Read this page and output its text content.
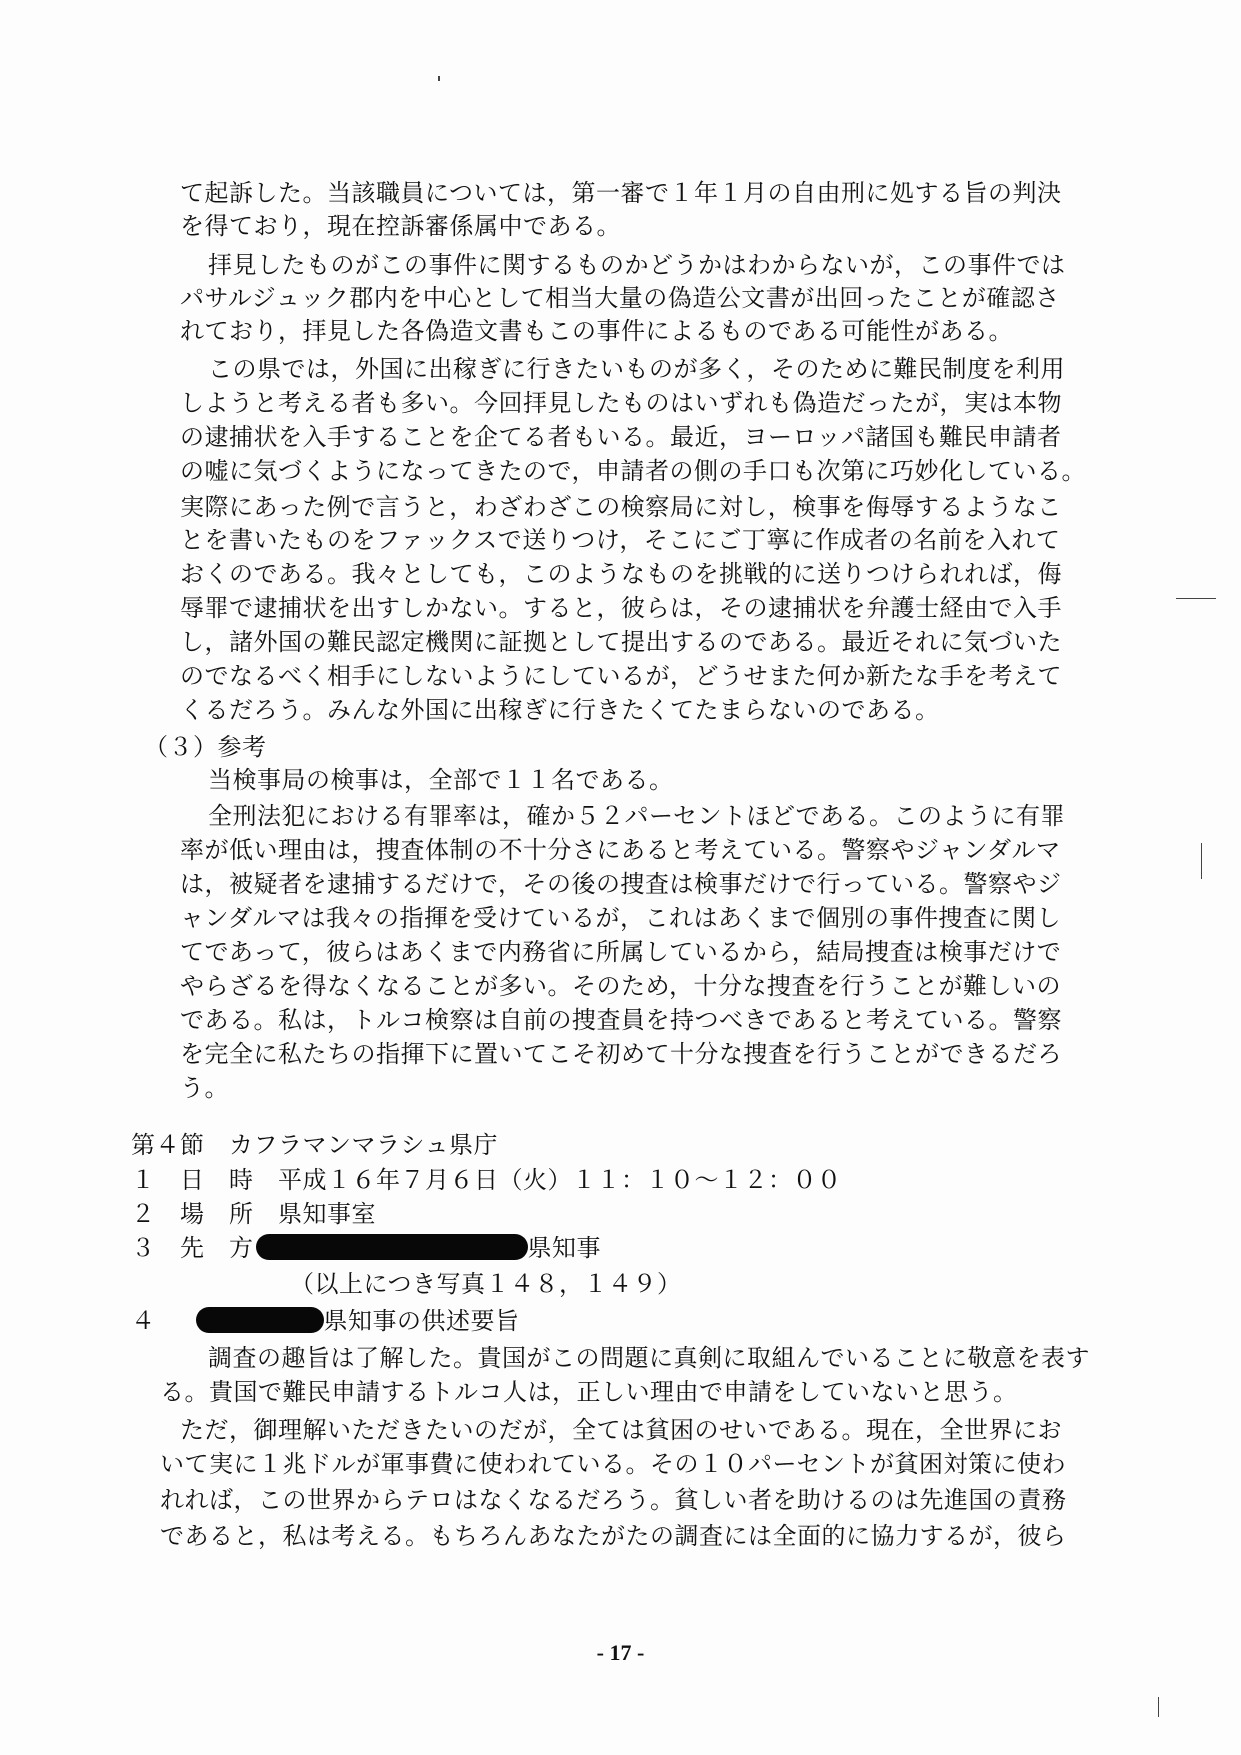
て起訴した。当該職員については，第一審で１年１月の自由刑に処する旨の判決
を得ており，現在控訴審係属中である。
拝見したものがこの事件に関するものかどうかはわからないが，この事件では
パサルジュック郡内を中心として相当大量の偽造公文書が出回ったことが確認さ
れており，拝見した各偽造文書もこの事件によるものである可能性がある。
この県では，外国に出稼ぎに行きたいものが多く，そのために難民制度を利用
しようと考える者も多い。今回拝見したものはいずれも偽造だったが，実は本物
の逮捕状を入手することを企てる者もいる。最近，ヨーロッパ諸国も難民申請者
の嘘に気づくようになってきたので，申請者の側の手口も次第に巧妙化している。
実際にあった例で言うと，わざわざこの検察局に対し，検事を侮辱するようなこ
とを書いたものをファックスで送りつけ，そこにご丁寧に作成者の名前を入れて
おくのである。我々としても，このようなものを挑戦的に送りつけられれば，侮
辱罪で逮捕状を出すしかない。すると，彼らは，その逮捕状を弁護士経由で入手
し，諸外国の難民認定機関に証拠として提出するのである。最近それに気づいた
のでなるべく相手にしないようにしているが，どうせまた何か新たな手を考えて
くるだろう。みんな外国に出稼ぎに行きたくてたまらないのである。
（３）参考
当検事局の検事は，全部で１１名である。
全刑法犯における有罪率は，確か５２パーセントほどである。このように有罪
率が低い理由は，捜査体制の不十分さにあると考えている。警察やジャンダルマ
は，被疑者を逮捕するだけで，その後の捜査は検事だけで行っている。警察やジ
ャンダルマは我々の指揮を受けているが，これはあくまで個別の事件捜査に関し
てであって，彼らはあくまで内務省に所属しているから，結局捜査は検事だけで
やらざるを得なくなることが多い。そのため，十分な捜査を行うことが難しいの
である。私は，トルコ検察は自前の捜査員を持つべきであると考えている。警察
を完全に私たちの指揮下に置いてこそ初めて十分な捜査を行うことができるだろ
う。
第４節　カフラマンマラシュ県庁
１　日　時　平成１６年７月６日（火）１１：１０～１２：００
２　場　所　県知事室
３　先　方	県知事
（以上につき写真１４８，１４９）
４	県知事の供述要旨
調査の趣旨は了解した。貴国がこの問題に真剣に取組んでいることに敬意を表す
る。貴国で難民申請するトルコ人は，正しい理由で申請をしていないと思う。
ただ，御理解いただきたいのだが，全ては貧困のせいである。現在，全世界にお
いて実に１兆ドルが軍事費に使われている。その１０パーセントが貧困対策に使わ
れれば，この世界からテロはなくなるだろう。貧しい者を助けるのは先進国の責務
であると，私は考える。もちろんあなたがたの調査には全面的に協力するが，彼ら
- 17 -
